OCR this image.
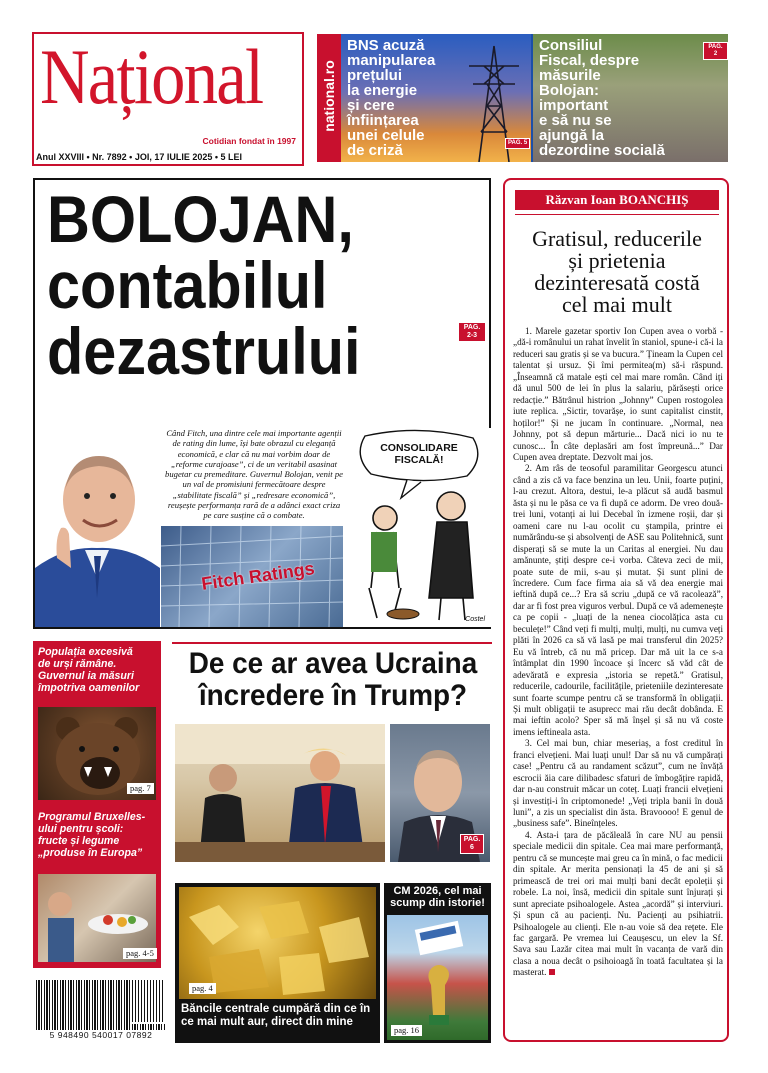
Național
Cotidian fondat în 1997
Anul XXVIII • Nr. 7892 • JOI, 17 IULIE 2025 • 5 LEI
national.ro
BNS acuză
manipularea
prețului
la energie
și cere
înființarea
unei celule
de criză	PAG. 5
Consiliul
Fiscal, despre
măsurile
Bolojan:
important
e să nu se
ajungă la
dezordine socială
PAG. 2
BOLOJAN,
contabilul
dezastrului	PAG. 2-3
Când Fitch, una dintre cele mai importante agenții de rating din lume, își bate obrazul cu eleganță economică, e clar că nu mai vorbim doar de „reforme curajoase”, ci de un veritabil asasinat bugetar cu premeditare. Guvernul Bolojan, venit pe un val de promisiuni fermecătoare despre „stabilitate fiscală” și „redresare economică”, reușește performanța rară de a adânci exact criza pe care susține că o combate.
Fitch Ratings
CONSOLIDARE
FISCALĂ!
Costel
Răzvan Ioan BOANCHIȘ
Gratisul, reducerile
și prietenia
dezinteresată costă
cel mai mult

1. Marele gazetar sportiv Ion Cupen avea o vorbă - „dă-i românului un rahat învelit în staniol, spune-i că-i la reduceri sau gratis și se va bucura.” Țineam la Cupen cel talentat și ursuz. Și îmi permitea(m) să-i răspund. „Înseamnă că matale ești cel mai mare român. Când iți dă unul 500 de lei în plus la salariu, părăsești orice redacție.” Bătrânul histrion „Johnny” Cupen rostogolea iute replica. „Sictir, tovarășe, io sunt capitalist cinstit, hoților!” Și ne jucam în continuare. „Normal, nea Johnny, pot să depun mărturie... Dacă nici io nu te cunosc... În câte deplasări am fost împreună...” Dar Cupen avea dreptate. Dezvolt mai jos.

2. Am râs de teosoful paramilitar Georgescu atunci când a zis că va face benzina un leu. Unii, foarte puțini, l-au crezut. Altora, destui, le-a plăcut să audă basmul ăsta și nu le păsa ce va fi după ce adorm. De vreo două-trei luni, votanți ai lui Decebal în izmene roșii, dar și oameni care nu l-au ocolit cu ștampila, printre ei numărându-se și absolvenți de ASE sau Politehnică, sunt disperați să se mute la un Caritas al energiei. Nu dau amănunte, știți despre ce-i vorba. Câteva zeci de mii, poate sute de mii, s-au și mutat. Și sunt plini de încredere. Cum face firma aia să vă dea energie mai ieftină după ce...? Era să scriu „după ce vă racolează”, dar ar fi fost prea viguros verbul. După ce vă ademenește ca pe copii - „luați de la nenea ciocolățica asta cu beculețe!” Când veți fi mulți, mulți, mulți, nu cumva veți plăti în 2026 ca să vă lasă pe mai transferul din 2025? Eu vă întreb, că nu mă pricep. Dar mă uit la ce s-a întâmplat din 1990 încoace și încerc să văd cât de adevărată e expresia „istoria se repetă.” Gratisul, reducerile, cadourile, facilitățile, prieteniile dezinteresate sunt foarte scumpe pentru că se transformă în obligații. Și mult obligații te asuprесс mai rău decât dobânda. E mai ieftin acolo? Sper să mă înșel și să nu vă coste imens ieftineala asta.

3. Cel mai bun, chiar meseriaș, a fost creditul în franci elvețieni. Mai luați unul! Dar să nu vă cumpărați case! „Pentru că au randament scăzut”, cum ne învăță escrocii ăia care dilibadesc sfaturi de îmbogățire rapidă, dar n-au construit măcar un coteț. Luați francii elvețieni și investiți-i în criptomonede! „Veți tripla banii în două luni”, a zis un specialist din ăsta. Bravoooo! E genul de „business safe”. Bineînțeles.

4. Asta-i țara de păcăleală în care NU au pensii speciale medicii din spitale. Cea mai mare performanță, pentru că se muncește mai greu ca în mină, o fac medicii din spitale. Ar merita pensionați la 45 de ani și să primească de trei ori mai mulți bani decât epoleții și robele. La noi, însă, medicii din spitale sunt înjurați și sunt apreciate psihoalogele. Astea „acordă” și interviuri. Și spun că au pacienți. Nu. Pacienți au psihiatrii. Psihoalogele au clienți. Ele n-au voie să dea rețete. Ele fac gargară. Pe vremea lui Ceaușescu, un elev la Sf. Sava sau Lazăr citea mai mult în vacanța de vară din clasa a noua decât o psihoioagă în toată facultatea și la masterat.

Populația excesivă
de urși rămâne.
Guvernul ia măsuri
împotriva oamenilor
pag. 7
Programul Bruxelles-
ului pentru școli:
fructe și legume
„produse în Europa”
pag. 4-5
De ce ar avea Ucraina
încredere în Trump?
PAG. 6
pag. 4
Băncile centrale cumpără din ce în ce mai mult aur, direct din mine
CM 2026, cel mai
scump din istorie!
pag. 16
5 948490 540017 07892
